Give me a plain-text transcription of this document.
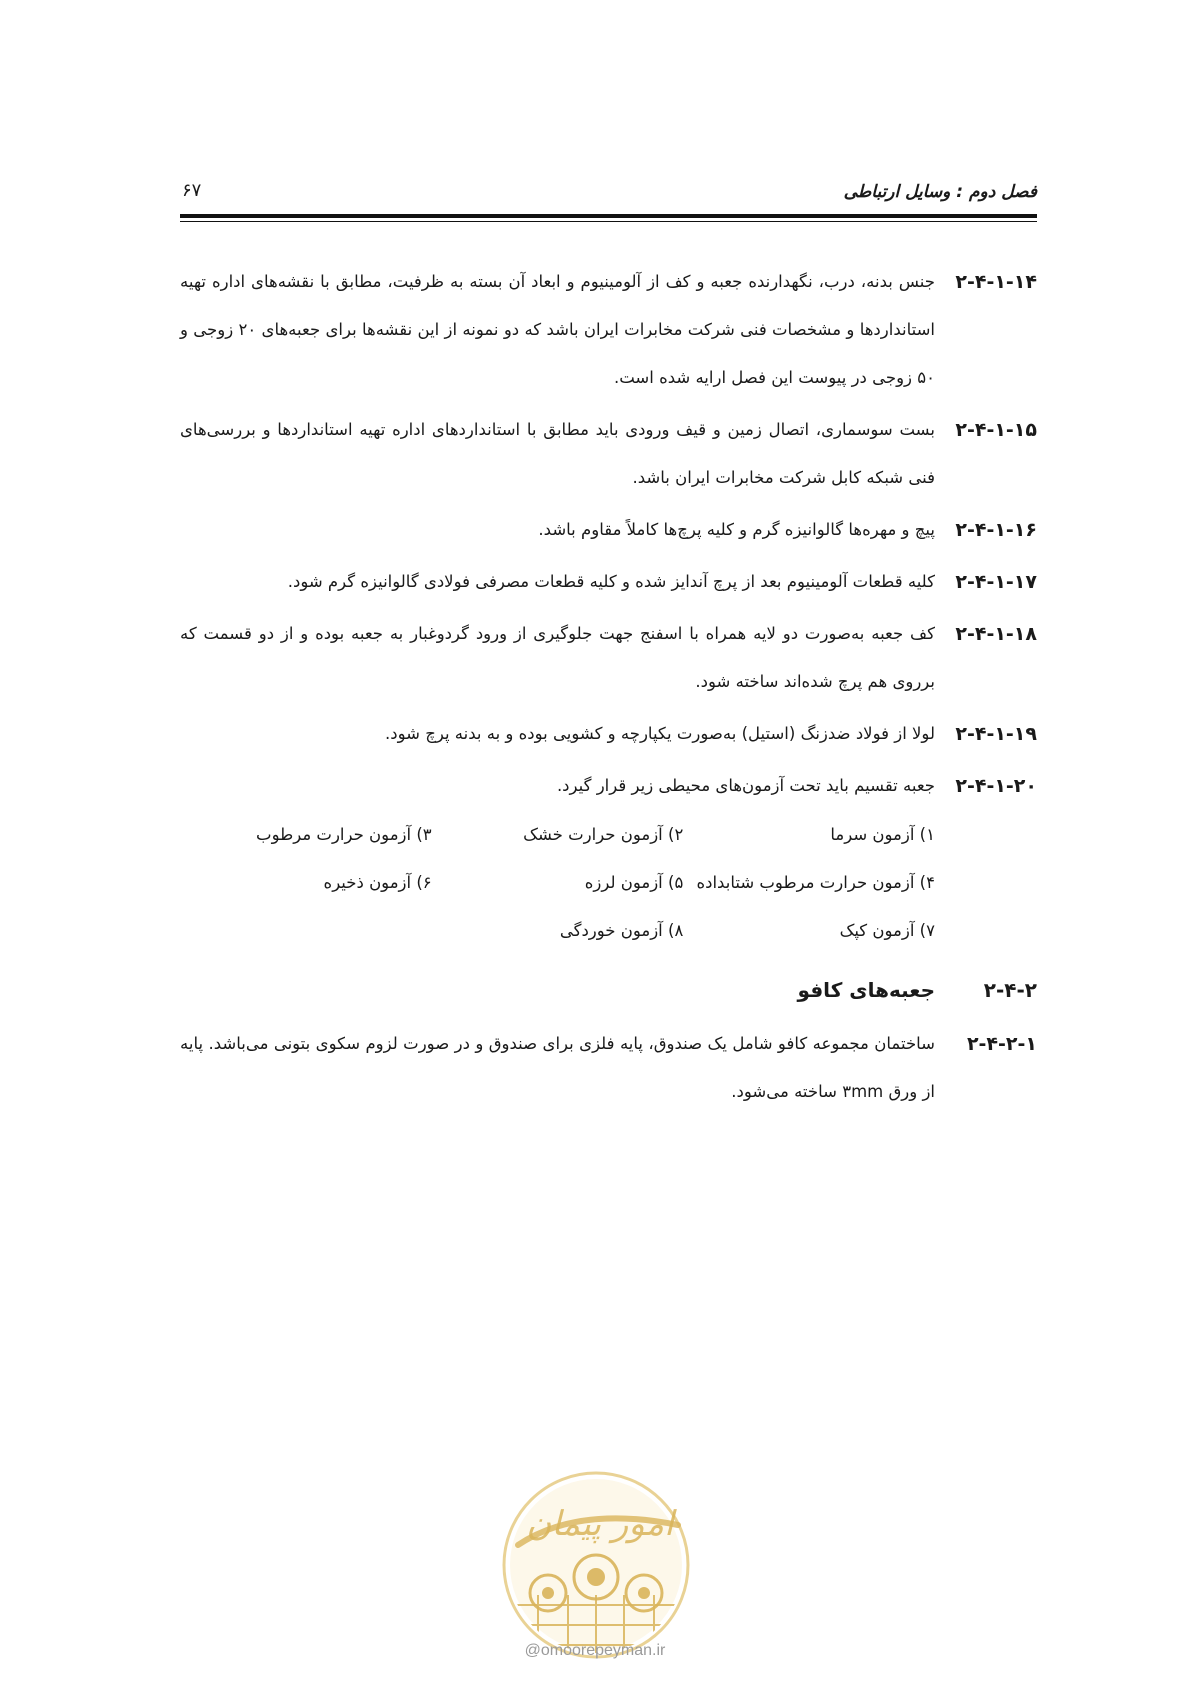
فصل دوم : وسایل ارتباطی
۶۷
۲-۴-۱-۱۴
جنس بدنه، درب، نگهدارنده جعبه و کف از آلومینیوم و ابعاد آن بسته به ظرفیت، مطابق با نقشه‌های اداره تهیه استانداردها و مشخصات فنی شرکت مخابرات ایران باشد که دو نمونه از این نقشه‌ها برای جعبه‌های ۲۰ زوجی و ۵۰ زوجی در پیوست این فصل ارایه شده است.
۲-۴-۱-۱۵
بست سوسماری، اتصال زمین و قیف ورودی باید مطابق با استانداردهای اداره تهیه استانداردها و بررسی‌های فنی شبکه کابل شرکت مخابرات ایران باشد.
۲-۴-۱-۱۶
پیچ و مهره‌ها گالوانیزه گرم و کلیه پرچ‌ها کاملاً مقاوم باشد.
۲-۴-۱-۱۷
کلیه قطعات آلومینیوم بعد از پرچ آندایز شده و کلیه قطعات مصرفی فولادی گالوانیزه گرم شود.
۲-۴-۱-۱۸
کف جعبه به‌صورت دو لایه همراه با اسفنج جهت جلوگیری از ورود گردوغبار به جعبه بوده و از دو قسمت که برروی هم پرچ شده‌اند ساخته شود.
۲-۴-۱-۱۹
لولا از فولاد ضدزنگ (استیل) به‌صورت یکپارچه و کشویی بوده و به بدنه پرچ شود.
۲-۴-۱-۲۰
جعبه تقسیم باید تحت آزمون‌های محیطی زیر قرار گیرد.
۱) آزمون سرما
۲) آزمون حرارت خشک
۳) آزمون حرارت مرطوب
۴) آزمون حرارت مرطوب شتابداده
۵) آزمون لرزه
۶) آزمون ذخیره
۷) آزمون کپک
۸) آزمون خوردگی
۲-۴-۲
جعبه‌های کافو
۲-۴-۲-۱
ساختمان مجموعه کافو شامل یک صندوق، پایه فلزی برای صندوق و در صورت لزوم سکوی بتونی می‌باشد. پایه از ورق ۳mm ساخته می‌شود.
امور پیمان
@omoorepeyman.ir
